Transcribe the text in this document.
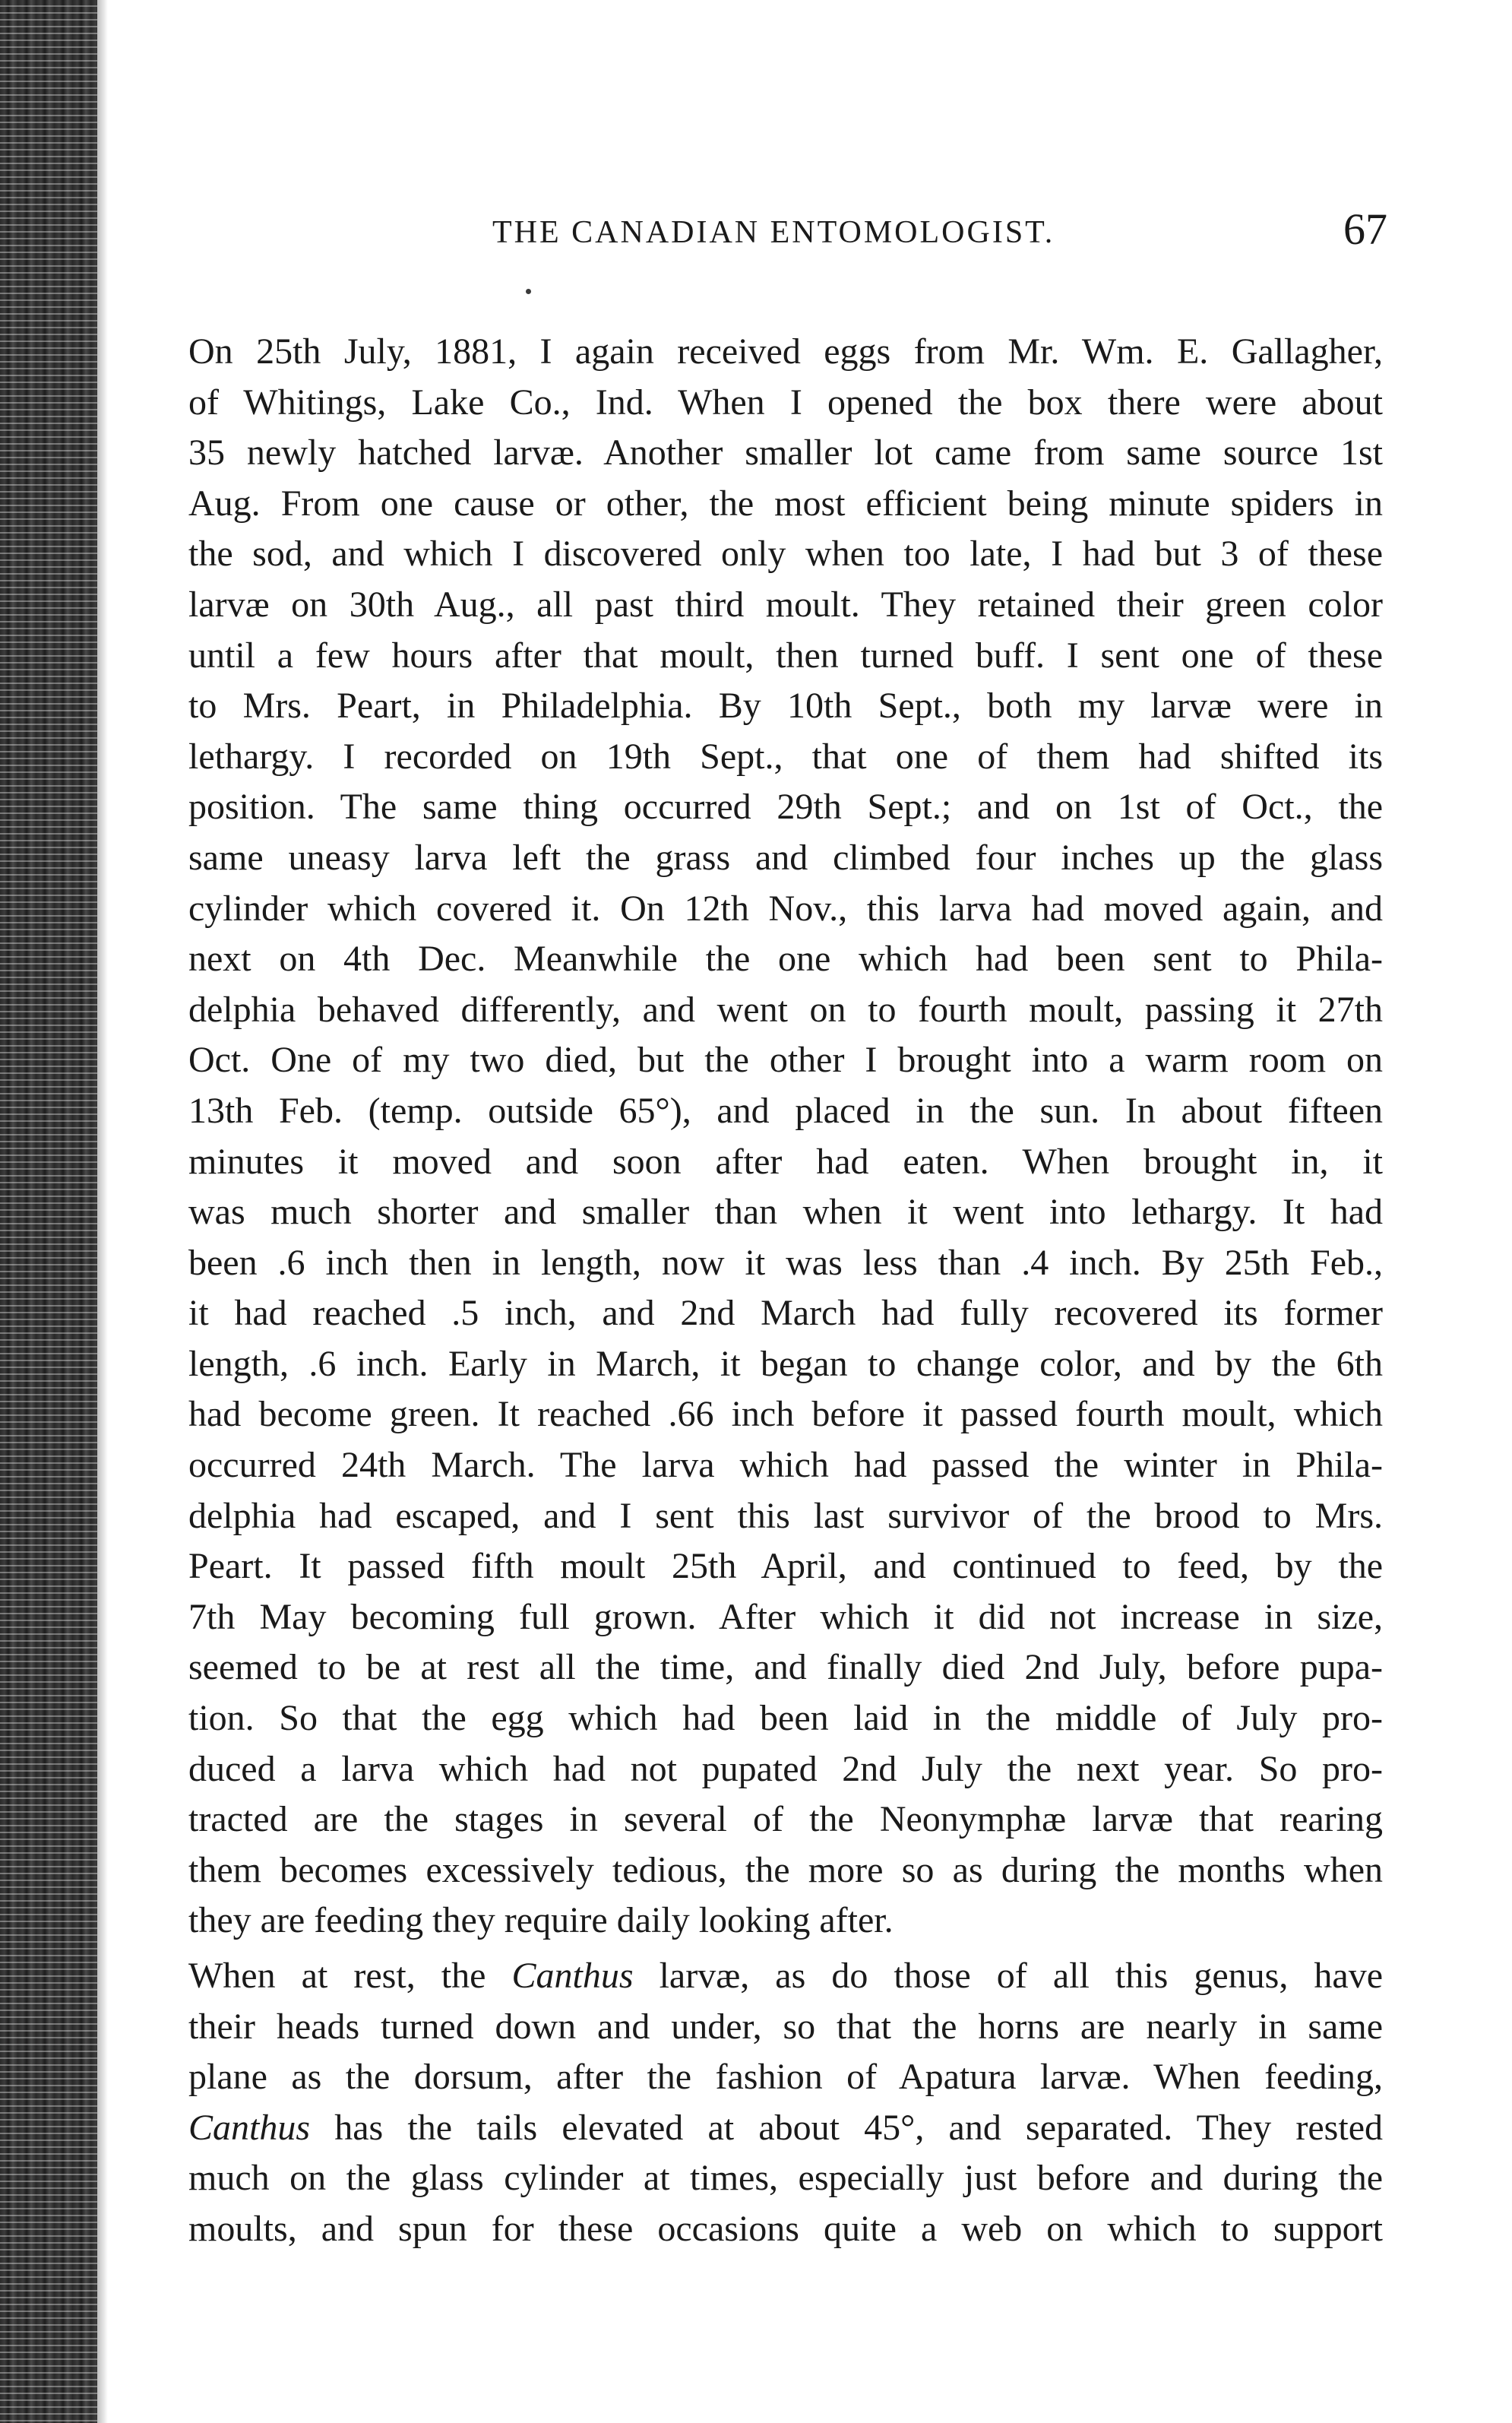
THE CANADIAN ENTOMOLOGIST.	67
On 25th July, 1881, I again received eggs from Mr. Wm. E. Gallagher,
of Whitings, Lake Co., Ind. When I opened the box there were about
35 newly hatched larvæ. Another smaller lot came from same source 1st
Aug. From one cause or other, the most efficient being minute spiders in
the sod, and which I discovered only when too late, I had but 3 of these
larvæ on 30th Aug., all past third moult. They retained their green color
until a few hours after that moult, then turned buff. I sent one of these
to Mrs. Peart, in Philadelphia. By 10th Sept., both my larvæ were in
lethargy. I recorded on 19th Sept., that one of them had shifted its
position. The same thing occurred 29th Sept.; and on 1st of Oct., the
same uneasy larva left the grass and climbed four inches up the glass
cylinder which covered it. On 12th Nov., this larva had moved again, and
next on 4th Dec. Meanwhile the one which had been sent to Phila-
delphia behaved differently, and went on to fourth moult, passing it 27th
Oct. One of my two died, but the other I brought into a warm room on
13th Feb. (temp. outside 65°), and placed in the sun. In about fifteen
minutes it moved and soon after had eaten. When brought in, it
was much shorter and smaller than when it went into lethargy. It had
been .6 inch then in length, now it was less than .4 inch. By 25th Feb.,
it had reached .5 inch, and 2nd March had fully recovered its former
length, .6 inch. Early in March, it began to change color, and by the 6th
had become green. It reached .66 inch before it passed fourth moult, which
occurred 24th March. The larva which had passed the winter in Phila-
delphia had escaped, and I sent this last survivor of the brood to Mrs.
Peart. It passed fifth moult 25th April, and continued to feed, by the
7th May becoming full grown. After which it did not increase in size,
seemed to be at rest all the time, and finally died 2nd July, before pupa-
tion. So that the egg which had been laid in the middle of July pro-
duced a larva which had not pupated 2nd July the next year. So pro-
tracted are the stages in several of the Neonymphæ larvæ that rearing
them becomes excessively tedious, the more so as during the months when
they are feeding they require daily looking after.
When at rest, the Canthus larvæ, as do those of all this genus, have
their heads turned down and under, so that the horns are nearly in same
plane as the dorsum, after the fashion of Apatura larvæ. When feeding,
Canthus has the tails elevated at about 45°, and separated. They rested
much on the glass cylinder at times, especially just before and during the
moults, and spun for these occasions quite a web on which to support
